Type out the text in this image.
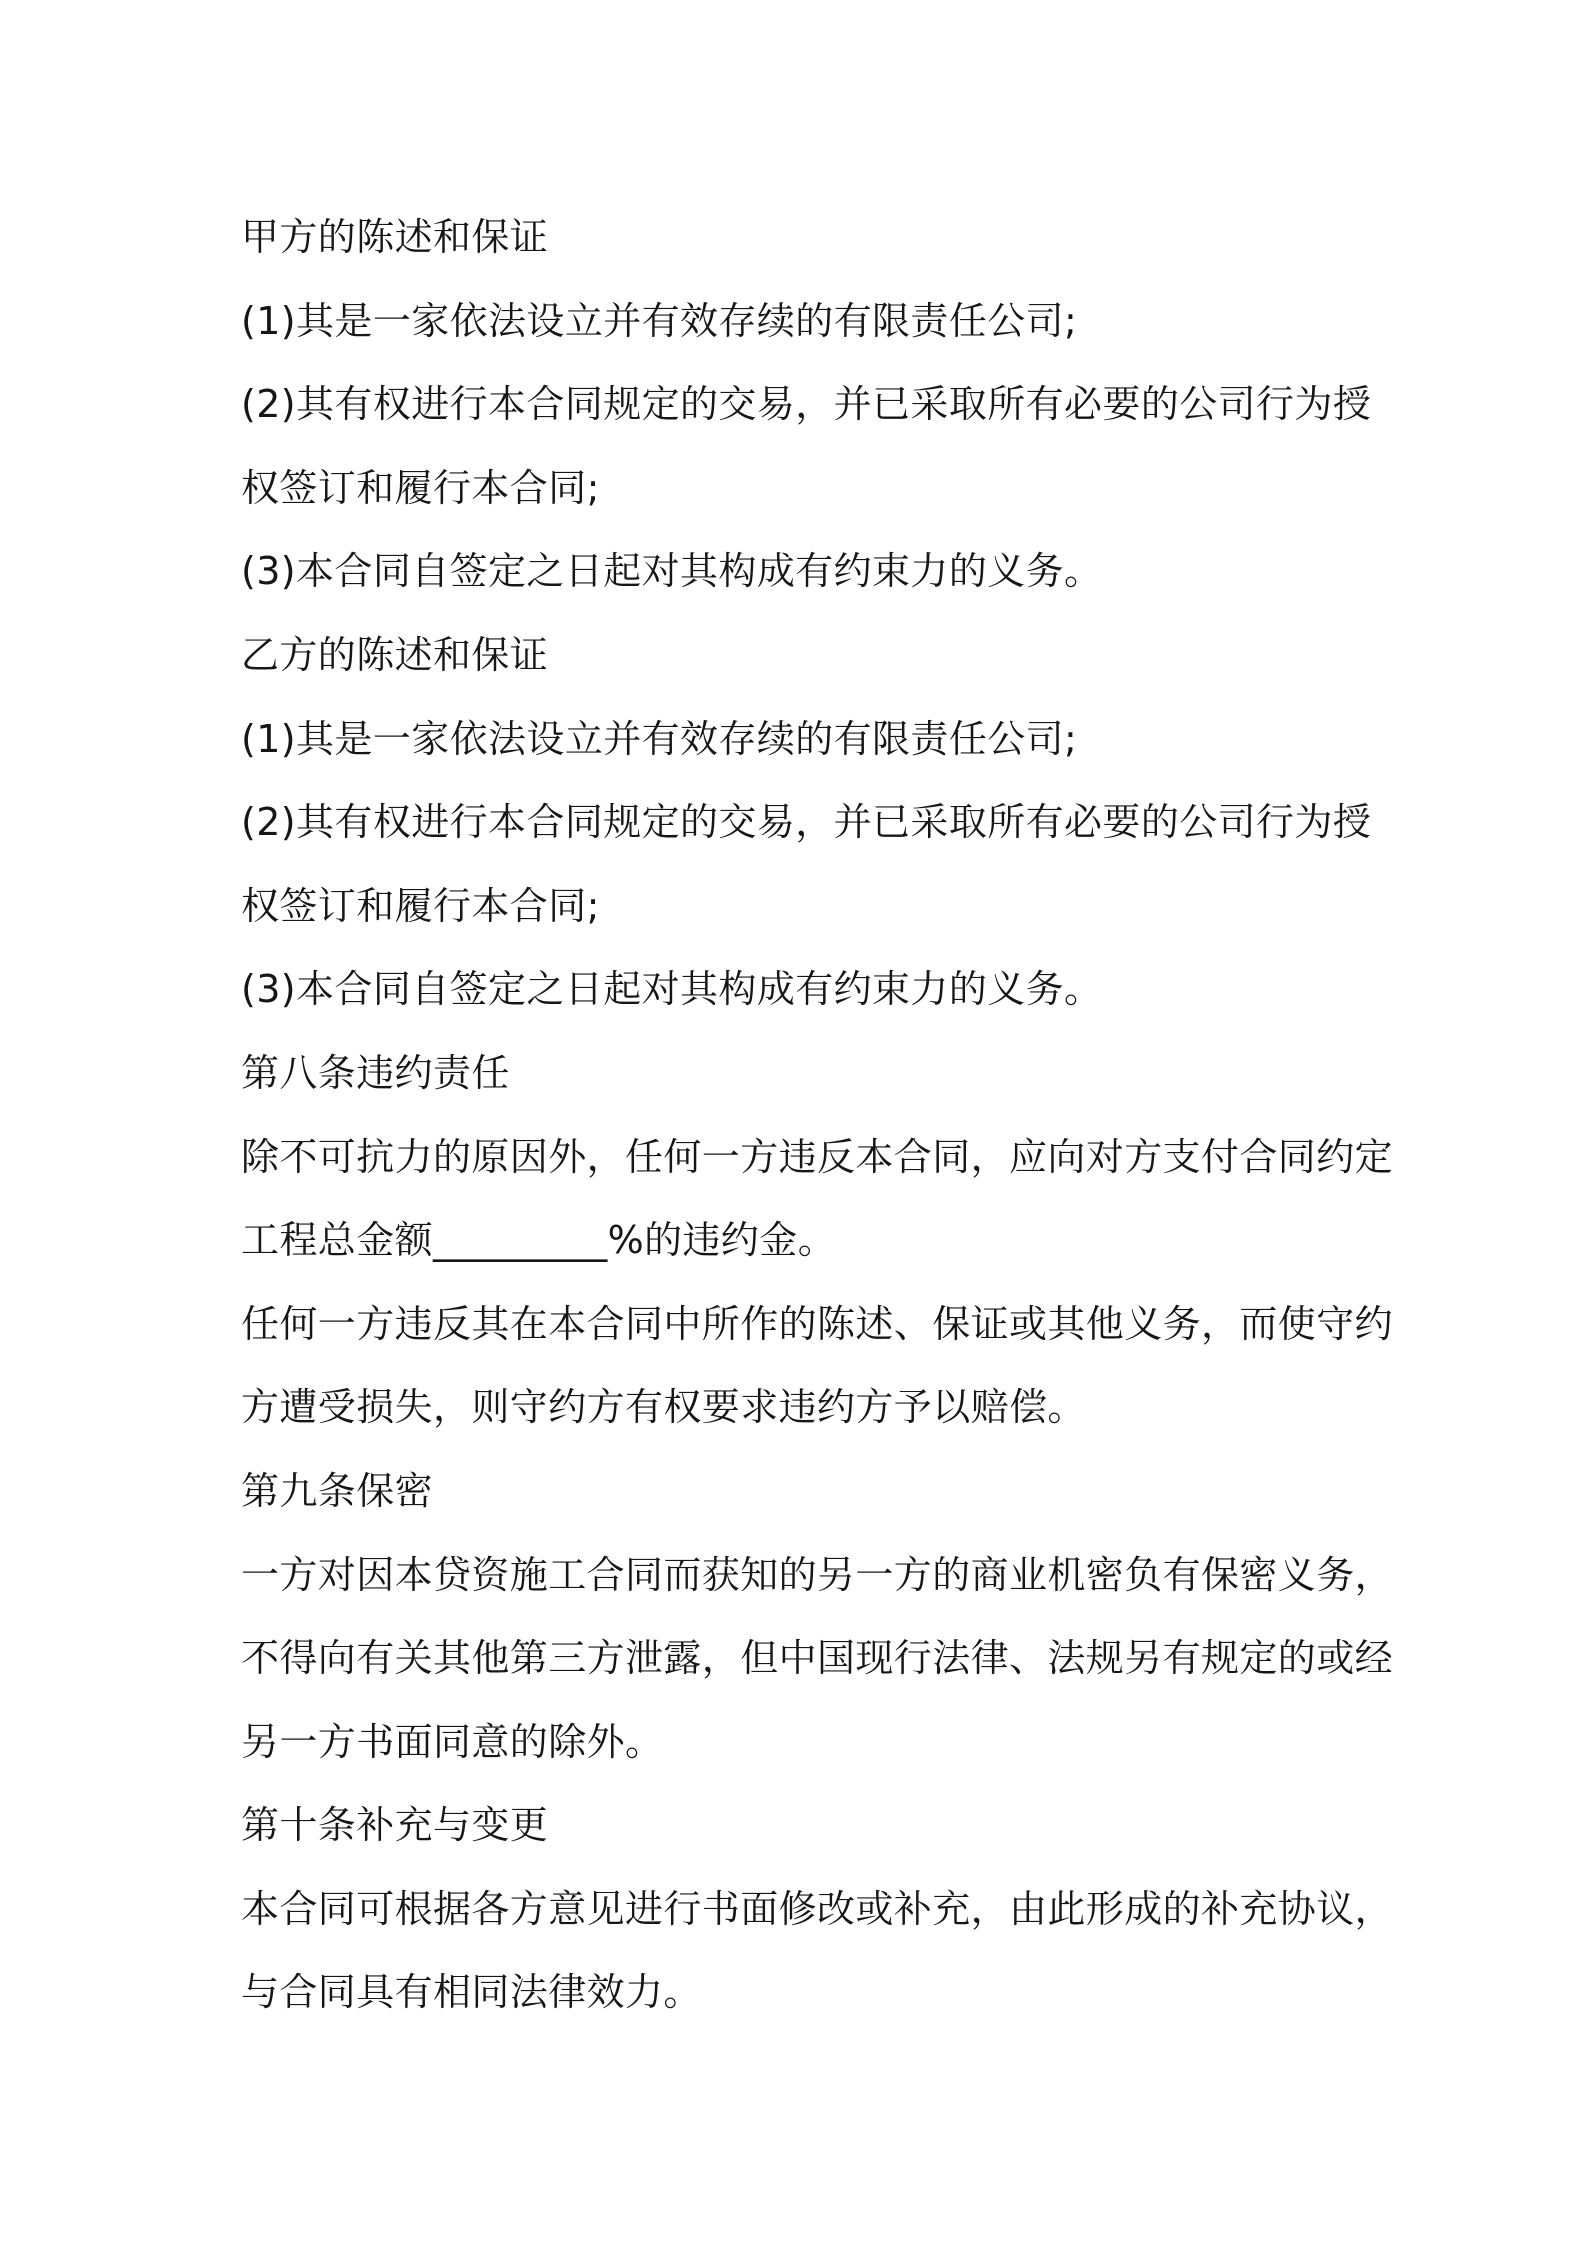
甲方的陈述和保证
(1)其是一家依法设立并有效存续的有限责任公司;
(2)其有权进行本合同规定的交易，并已采取所有必要的公司行为授
权签订和履行本合同;
(3)本合同自签定之日起对其构成有约束力的义务。
乙方的陈述和保证
(1)其是一家依法设立并有效存续的有限责任公司;
(2)其有权进行本合同规定的交易，并已采取所有必要的公司行为授
权签订和履行本合同;
(3)本合同自签定之日起对其构成有约束力的义务。
第八条违约责任
除不可抗力的原因外，任何一方违反本合同，应向对方支付合同约定
工程总金额_________%的违约金。
任何一方违反其在本合同中所作的陈述、保证或其他义务，而使守约
方遭受损失，则守约方有权要求违约方予以赔偿。
第九条保密
一方对因本贷资施工合同而获知的另一方的商业机密负有保密义务，
不得向有关其他第三方泄露，但中国现行法律、法规另有规定的或经
另一方书面同意的除外。
第十条补充与变更
本合同可根据各方意见进行书面修改或补充，由此形成的补充协议，
与合同具有相同法律效力。
